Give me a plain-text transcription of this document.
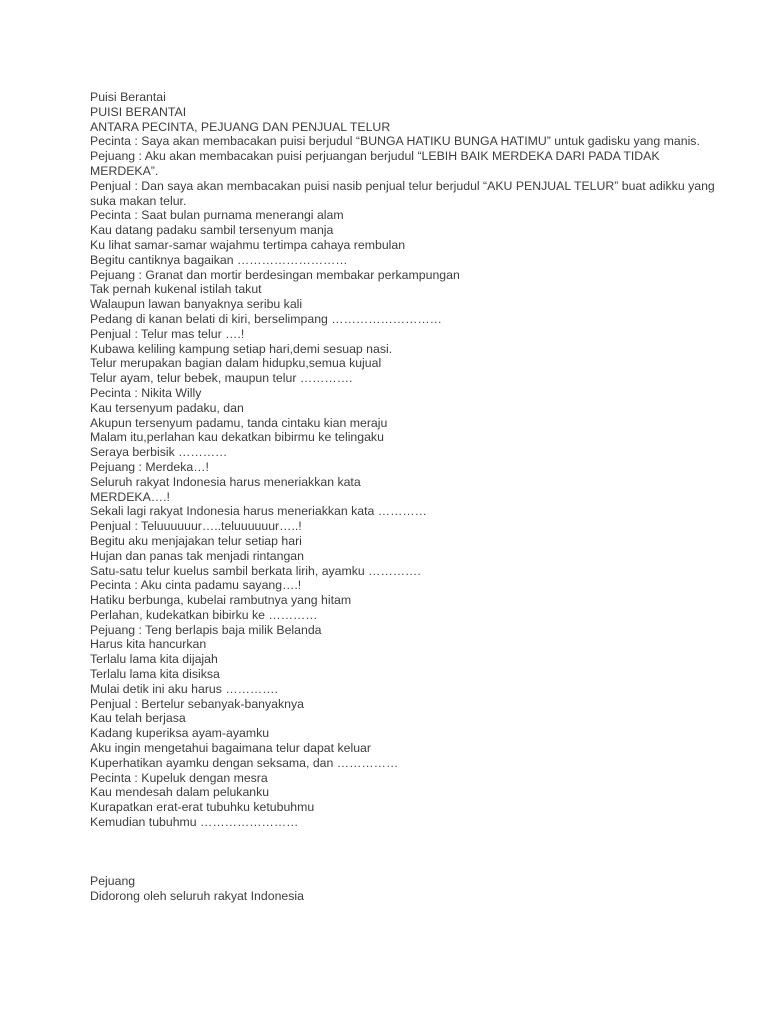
Puisi Berantai
PUISI BERANTAI
ANTARA PECINTA, PEJUANG DAN PENJUAL TELUR
Pecinta : Saya akan membacakan puisi berjudul “BUNGA HATIKU BUNGA HATIMU” untuk gadisku yang manis.
Pejuang : Aku akan membacakan puisi perjuangan berjudul “LEBIH BAIK MERDEKA DARI PADA TIDAK MERDEKA”.
Penjual : Dan saya akan membacakan puisi nasib penjual telur berjudul “AKU PENJUAL TELUR” buat adikku yang suka makan telur.
Pecinta : Saat bulan purnama menerangi alam
Kau datang padaku sambil tersenyum manja
Ku lihat samar-samar wajahmu tertimpa cahaya rembulan
Begitu cantiknya bagaikan ………………………
Pejuang : Granat dan mortir berdesingan membakar perkampungan
Tak pernah kukenal istilah takut
Walaupun lawan banyaknya seribu kali
Pedang di kanan belati di kiri, berselimpang ………………………
Penjual : Telur mas telur ….!
Kubawa keliling kampung setiap hari,demi sesuap nasi.
Telur merupakan bagian dalam hidupku,semua kujual
Telur ayam, telur bebek, maupun telur ………….
Pecinta : Nikita Willy
Kau tersenyum padaku, dan
Akupun tersenyum padamu, tanda cintaku kian meraju
Malam itu,perlahan kau dekatkan bibirmu ke telingaku
Seraya berbisik …………
Pejuang : Merdeka…!
Seluruh rakyat Indonesia harus meneriakkan kata
MERDEKA….!
Sekali lagi rakyat Indonesia harus meneriakkan kata …………
Penjual : Teluuuuuur…..teluuuuuur…..!
Begitu aku menjajakan telur setiap hari
Hujan dan panas tak menjadi rintangan
Satu-satu telur kuelus sambil berkata lirih, ayamku ………….
Pecinta : Aku cinta padamu sayang….!
Hatiku berbunga, kubelai rambutnya yang hitam
Perlahan, kudekatkan bibirku ke …………
Pejuang : Teng berlapis baja milik Belanda
Harus kita hancurkan
Terlalu lama kita dijajah
Terlalu lama kita disiksa
Mulai detik ini aku harus ………….
Penjual : Bertelur sebanyak-banyaknya
Kau telah berjasa
Kadang kuperiksa ayam-ayamku
Aku ingin mengetahui bagaimana telur dapat keluar
Kuperhatikan ayamku dengan seksama, dan ……………
Pecinta : Kupeluk dengan mesra
Kau mendesah dalam pelukanku
Kurapatkan erat-erat tubuhku ketubuhmu
Kemudian tubuhmu ……………………
Pejuang
Didorong oleh seluruh rakyat Indonesia
